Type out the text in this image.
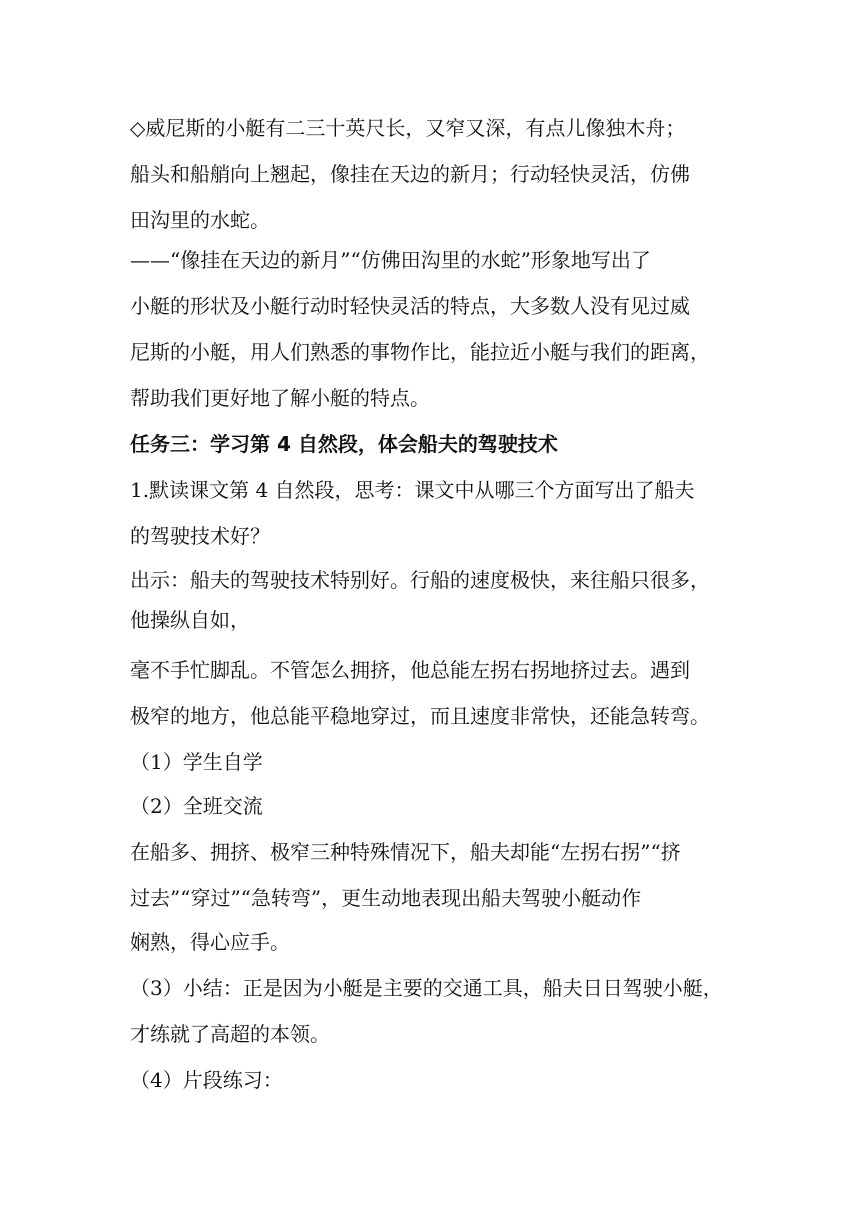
◇威尼斯的小艇有二三十英尺长，又窄又深，有点儿像独木舟；
船头和船艄向上翘起，像挂在天边的新月；行动轻快灵活，仿佛
田沟里的水蛇。
——“像挂在天边的新月”“仿佛田沟里的水蛇”形象地写出了
小艇的形状及小艇行动时轻快灵活的特点，大多数人没有见过威
尼斯的小艇，用人们熟悉的事物作比，能拉近小艇与我们的距离，
帮助我们更好地了解小艇的特点。
任务三：学习第 4 自然段，体会船夫的驾驶技术
1.默读课文第 4 自然段，思考：课文中从哪三个方面写出了船夫
的驾驶技术好？
出示：船夫的驾驶技术特别好。行船的速度极快，来往船只很多，
他操纵自如，
毫不手忙脚乱。不管怎么拥挤，他总能左拐右拐地挤过去。遇到
极窄的地方，他总能平稳地穿过，而且速度非常快，还能急转弯。
（1）学生自学
（2）全班交流
在船多、拥挤、极窄三种特殊情况下，船夫却能“左拐右拐”“挤
过去”“穿过”“急转弯”，更生动地表现出船夫驾驶小艇动作
娴熟，得心应手。
（3）小结：正是因为小艇是主要的交通工具，船夫日日驾驶小艇，
才练就了高超的本领。
（4）片段练习：
